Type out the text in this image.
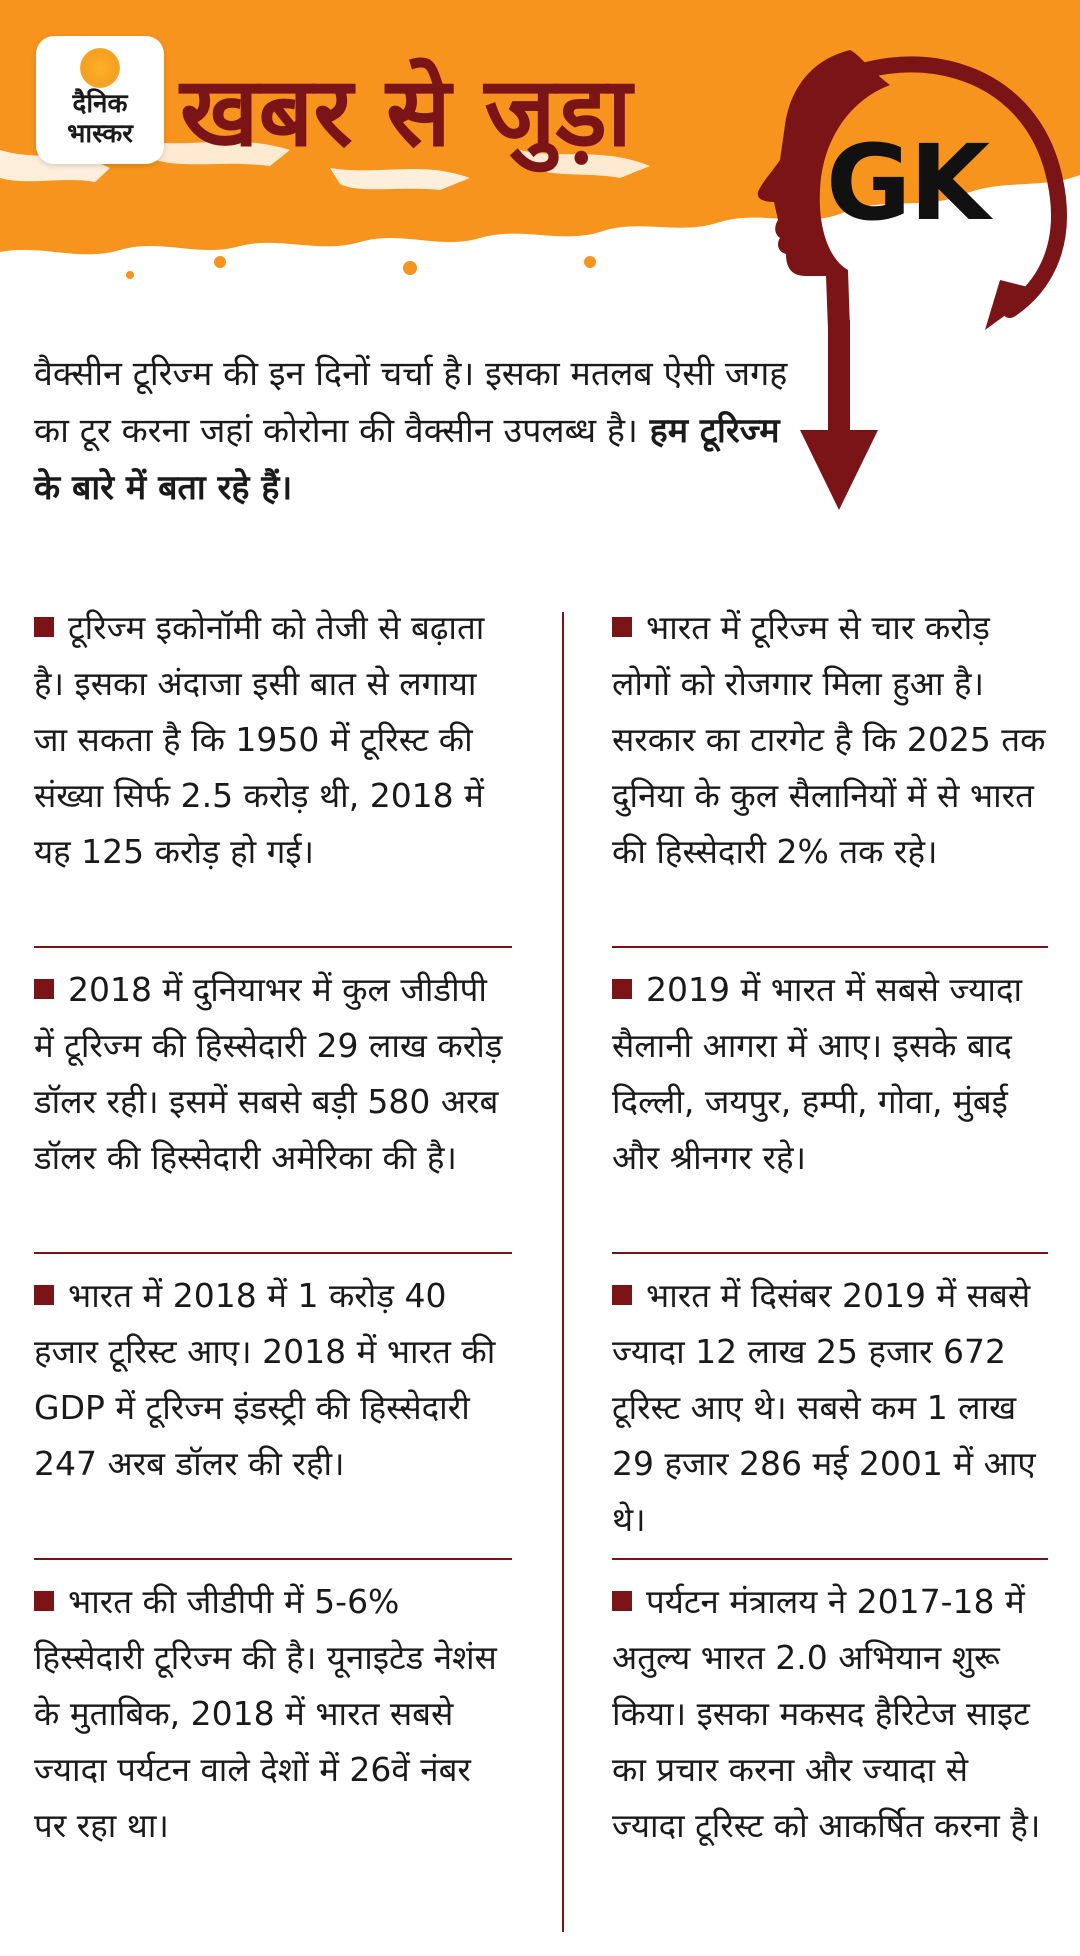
दैनिक
भास्कर खबर से जुड़ा
GK
वैक्सीन टूरिज्म की इन दिनों चर्चा है। इसका मतलब ऐसी जगह का टूर करना जहां कोरोना की वैक्सीन उपलब्ध है। हम टूरिज्म के बारे में बता रहे हैं।
टूरिज्म इकोनॉमी को तेजी से बढ़ाता है। इसका अंदाजा इसी बात से लगाया जा सकता है कि 1950 में टूरिस्ट की संख्या सिर्फ 2.5 करोड़ थी, 2018 में यह 125 करोड़ हो गई।
2018 में दुनियाभर में कुल जीडीपी में टूरिज्म की हिस्सेदारी 29 लाख करोड़ डॉलर रही। इसमें सबसे बड़ी 580 अरब डॉलर की हिस्सेदारी अमेरिका की है।
भारत में 2018 में 1 करोड़ 40 हजार टूरिस्ट आए। 2018 में भारत की GDP में टूरिज्म इंडस्ट्री की हिस्सेदारी 247 अरब डॉलर की रही।
भारत की जीडीपी में 5-6% हिस्सेदारी टूरिज्म की है। यूनाइटेड नेशंस के मुताबिक, 2018 में भारत सबसे ज्यादा पर्यटन वाले देशों में 26वें नंबर पर रहा था।
भारत में टूरिज्म से चार करोड़ लोगों को रोजगार मिला हुआ है। सरकार का टारगेट है कि 2025 तक दुनिया के कुल सैलानियों में से भारत की हिस्सेदारी 2% तक रहे।
2019 में भारत में सबसे ज्यादा सैलानी आगरा में आए। इसके बाद दिल्ली, जयपुर, हम्पी, गोवा, मुंबई और श्रीनगर रहे।
भारत में दिसंबर 2019 में सबसे ज्यादा 12 लाख 25 हजार 672 टूरिस्ट आए थे। सबसे कम 1 लाख 29 हजार 286 मई 2001 में आए थे।
पर्यटन मंत्रालय ने 2017-18 में अतुल्य भारत 2.0 अभियान शुरू किया। इसका मकसद हैरिटेज साइट का प्रचार करना और ज्यादा से ज्यादा टूरिस्ट को आकर्षित करना है।
